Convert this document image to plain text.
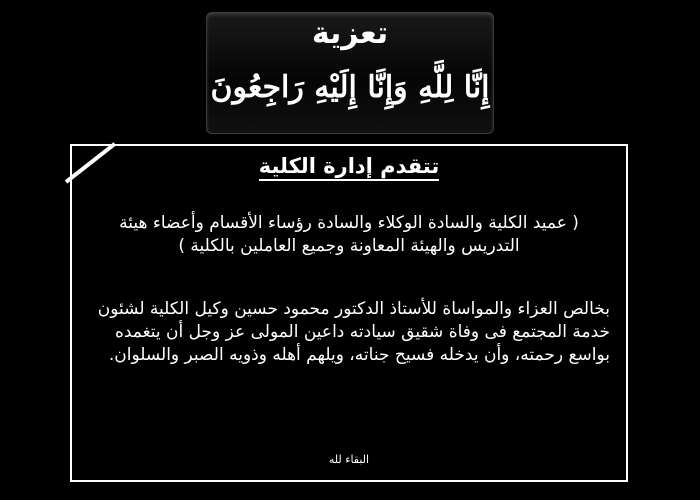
تعزية
إِنَّا لِلَّهِ وَإِنَّا إِلَيْهِ رَاجِعُونَ
تتقدم إدارة الكلية
( عميد الكلية والسادة الوكلاء والسادة رؤساء الأقسام وأعضاء هيئة التدريس والهيئة المعاونة وجميع العاملين بالكلية )
بخالص العزاء والمواساة للأستاذ الدكتور محمود حسين وكيل الكلية لشئون خدمة المجتمع فى وفاة شقيق سيادته داعين المولى عز وجل أن يتغمده بواسع رحمته، وأن يدخله فسيح جناته، ويلهم أهله وذويه الصبر والسلوان.
البقاء لله
